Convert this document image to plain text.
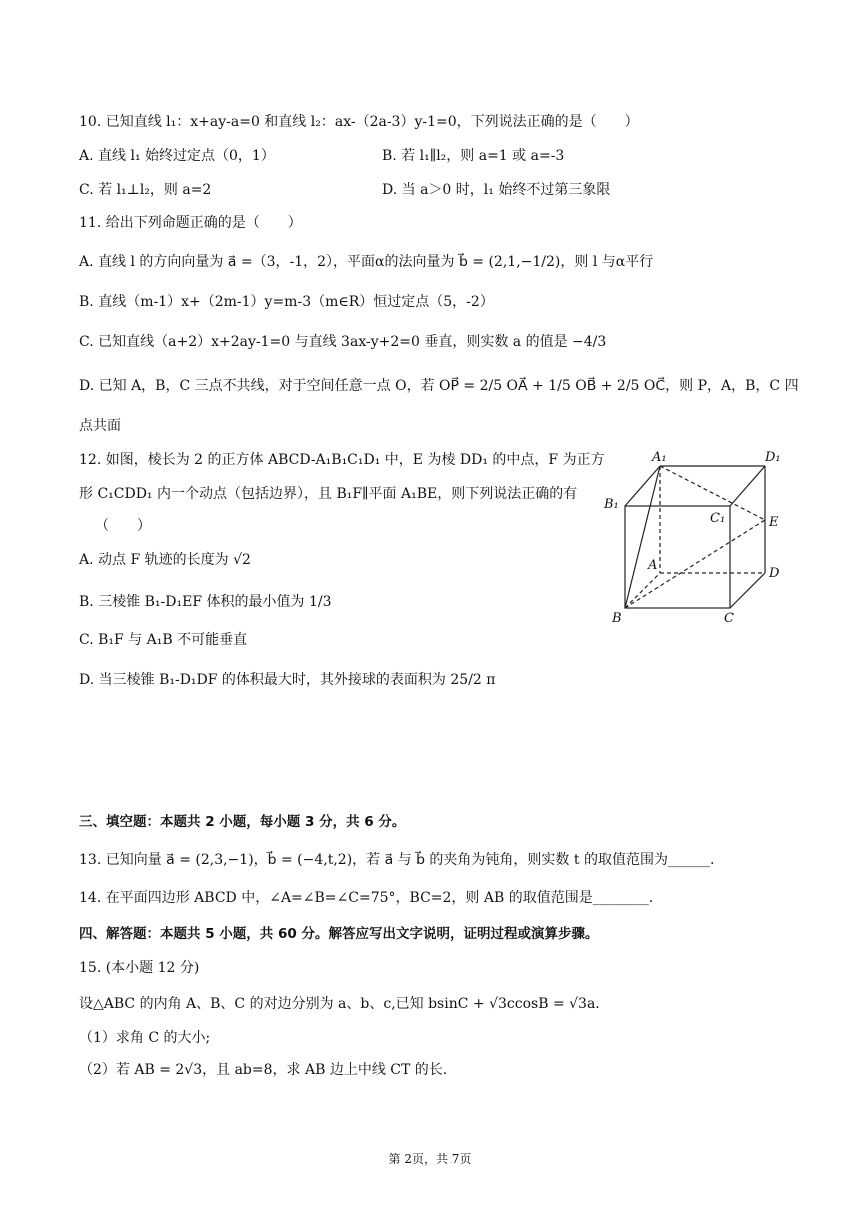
10. 已知直线 l₁：x+ay-a=0 和直线 l₂：ax-（2a-3）y-1=0，下列说法正确的是（　　）
A. 直线 l₁ 始终过定点（0，1）	B. 若 l₁∥l₂，则 a=1 或 a=-3
C. 若 l₁⊥l₂，则 a=2	D. 当 a＞0 时，l₁ 始终不过第三象限
11. 给出下列命题正确的是（　　）
A. 直线 l 的方向向量为 a⃗ =（3，-1，2），平面α的法向量为 b⃗ = (2,1,−1/2)，则 l 与α平行
B. 直线（m-1）x+（2m-1）y=m-3（m∈R）恒过定点（5，-2）
C. 已知直线（a+2）x+2ay-1=0 与直线 3ax-y+2=0 垂直，则实数 a 的值是 −4/3
D. 已知 A，B，C 三点不共线，对于空间任意一点 O，若 OP⃗ = 2/5 OA⃗ + 1/5 OB⃗ + 2/5 OC⃗，则 P，A，B，C 四
点共面
12. 如图，棱长为 2 的正方体 ABCD-A₁B₁C₁D₁ 中，E 为棱 DD₁ 的中点，F 为正方
形 C₁CDD₁ 内一个动点（包括边界），且 B₁F∥平面 A₁BE，则下列说法正确的有
（　　）
A. 动点 F 轨迹的长度为 √2
B. 三棱锥 B₁-D₁EF 体积的最小值为 1/3
C. B₁F 与 A₁B 不可能垂直
D. 当三棱锥 B₁-D₁DF 的体积最大时，其外接球的表面积为 25/2 π
A₁	D₁
B₁
C₁	E
A
D
B	C
三、填空题：本题共 2 小题，每小题 3 分，共 6 分。
13. 已知向量 a⃗ = (2,3,−1)，b⃗ = (−4,t,2)，若 a⃗ 与 b⃗ 的夹角为钝角，则实数 t 的取值范围为______.
14. 在平面四边形 ABCD 中，∠A=∠B=∠C=75°，BC=2，则 AB 的取值范围是________.
四、解答题：本题共 5 小题，共 60 分。解答应写出文字说明，证明过程或演算步骤。
15. (本小题 12 分)
设△ABC 的内角 A、B、C 的对边分别为 a、b、c,已知 bsinC + √3ccosB = √3a.
（1）求角 C 的大小;
（2）若 AB = 2√3，且 ab=8，求 AB 边上中线 CT 的长.
第 2页，共 7页
